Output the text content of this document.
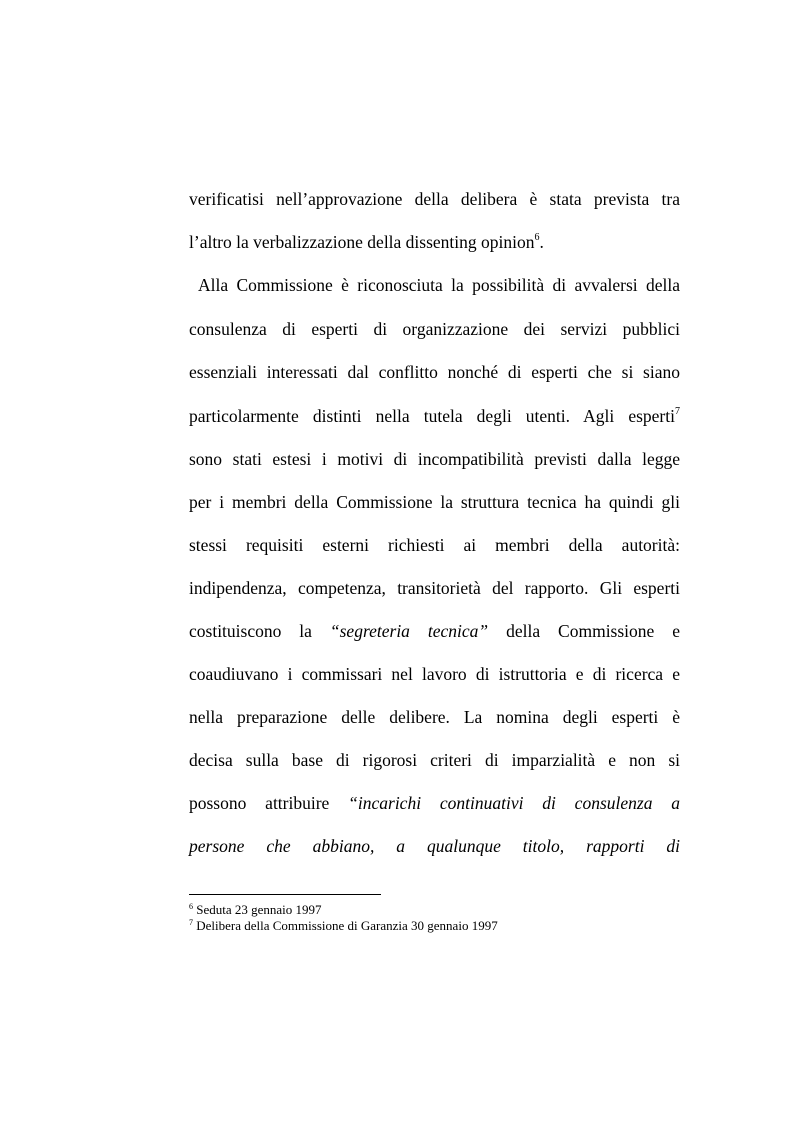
verificatisi nell’approvazione della delibera è stata prevista tra
l’altro la verbalizzazione della dissenting opinion$^6$.
Alla Commissione è riconosciuta la possibilità di avvalersi della
consulenza di esperti di organizzazione dei servizi pubblici
essenziali interessati dal conflitto nonché di esperti che si siano
particolarmente distinti nella tutela degli utenti. Agli esperti$^7$
sono stati estesi i motivi di incompatibilità previsti dalla legge
per i membri della Commissione la struttura tecnica ha quindi gli
stessi requisiti esterni richiesti ai membri della autorità:
indipendenza, competenza, transitorietà del rapporto. Gli esperti
costituiscono la “segreteria tecnica” della Commissione e
coaudiuvano i commissari nel lavoro di istruttoria e di ricerca e
nella preparazione delle delibere. La nomina degli esperti è
decisa sulla base di rigorosi criteri di imparzialità e non si
possono attribuire “incarichi continuativi di consulenza a
persone che abbiano, a qualunque titolo, rapporti di
$^6$ Seduta 23 gennaio 1997
$^7$ Delibera della Commissione di Garanzia 30 gennaio 1997
